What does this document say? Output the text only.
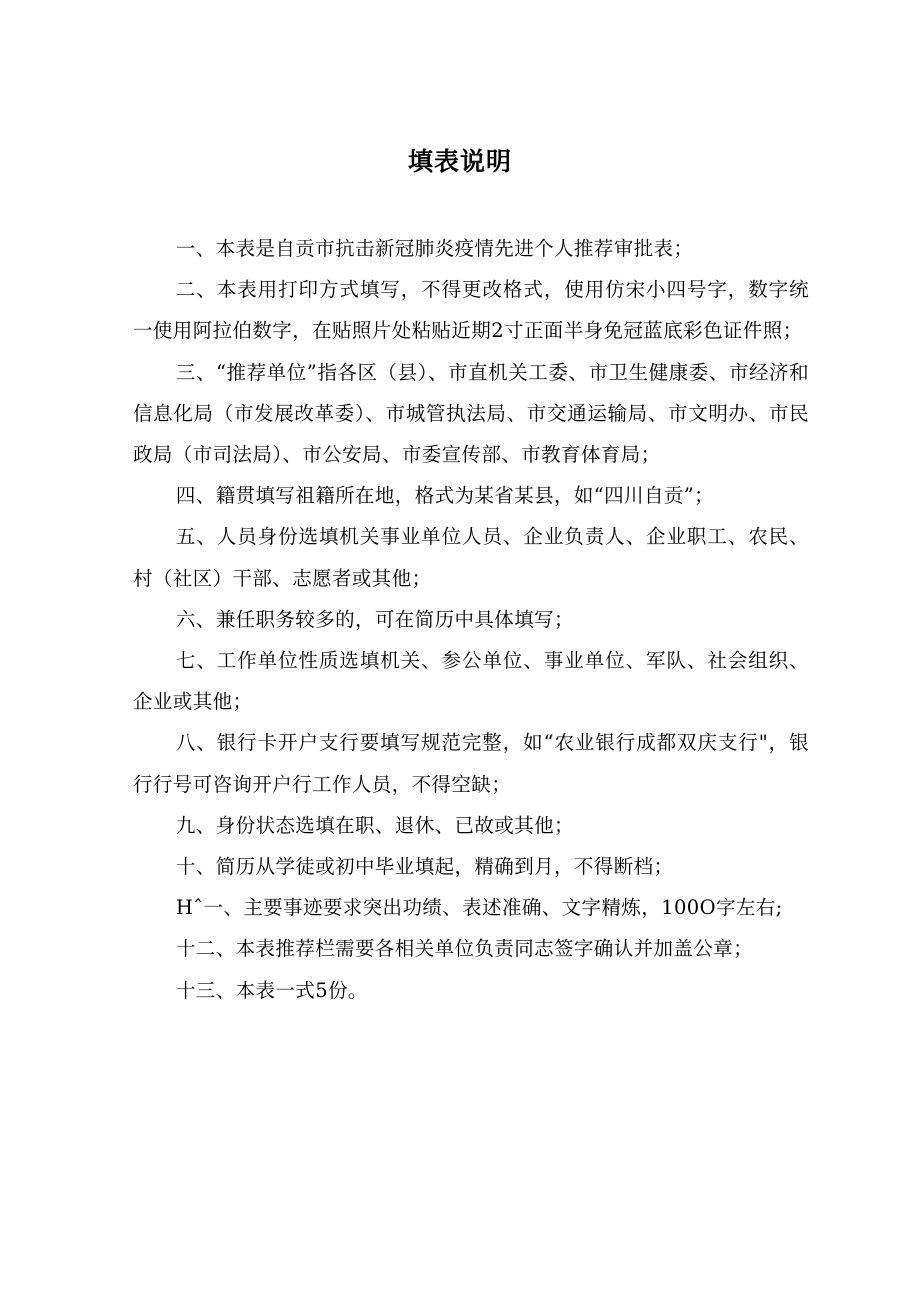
填表说明

一、本表是自贡市抗击新冠肺炎疫情先进个人推荐审批表；

二、本表用打印方式填写，不得更改格式，使用仿宋小四号字，数字统一使用阿拉伯数字，在贴照片处粘贴近期2寸正面半身免冠蓝底彩色证件照；

三、“推荐单位”指各区（县）、市直机关工委、市卫生健康委、市经济和信息化局（市发展改革委）、市城管执法局、市交通运输局、市文明办、市民政局（市司法局）、市公安局、市委宣传部、市教育体育局；

四、籍贯填写祖籍所在地，格式为某省某县，如“四川自贡”；

五、人员身份选填机关事业单位人员、企业负责人、企业职工、农民、村（社区）干部、志愿者或其他；

六、兼任职务较多的，可在简历中具体填写；

七、工作单位性质选填机关、参公单位、事业单位、军队、社会组织、企业或其他；

八、银行卡开户支行要填写规范完整，如“农业银行成都双庆支行"，银行行号可咨询开户行工作人员，不得空缺；

九、身份状态选填在职、退休、已故或其他；

十、简历从学徒或初中毕业填起，精确到月，不得断档；

Hˆ一、主要事迹要求突出功绩、表述准确、文字精炼，100O字左右;

十二、本表推荐栏需要各相关单位负责同志签字确认并加盖公章；

十三、本表一式5份。
